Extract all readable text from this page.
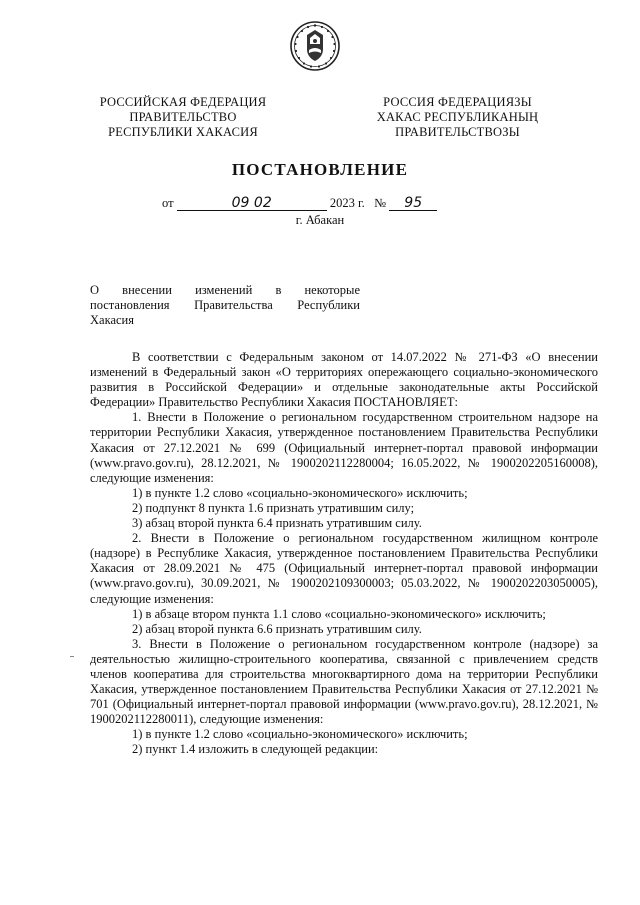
РОССИЙСКАЯ ФЕДЕРАЦИЯ
ПРАВИТЕЛЬСТВО
РЕСПУБЛИКИ ХАКАСИЯ
РОССИЯ ФЕДЕРАЦИЯЗЫ
ХАКАС РЕСПУБЛИКАНЫҢ
ПРАВИТЕЛЬСТВОЗЫ
ПОСТАНОВЛЕНИЕ
от	09 02	2023 г. № 95
г. Абакан
О внесении изменений в некоторые постановления Правительства Республики Хакасия

В соответствии с Федеральным законом от 14.07.2022 № 271-ФЗ «О внесении изменений в Федеральный закон «О территориях опережающего социально-экономического развития в Российской Федерации» и отдельные законодательные акты Российской Федерации» Правительство Республики Хакасия ПОСТАНОВЛЯЕТ:

1. Внести в Положение о региональном государственном строительном надзоре на территории Республики Хакасия, утвержденное постановлением Правительства Республики Хакасия от 27.12.2021 № 699 (Официальный интернет-портал правовой информации (www.pravo.gov.ru), 28.12.2021, № 1900202112280004; 16.05.2022, № 1900202205160008), следующие изменения:

1) в пункте 1.2 слово «социально-экономического» исключить;

2) подпункт 8 пункта 1.6 признать утратившим силу;

3) абзац второй пункта 6.4 признать утратившим силу.

2. Внести в Положение о региональном государственном жилищном контроле (надзоре) в Республике Хакасия, утвержденное постановлением Правительства Республики Хакасия от 28.09.2021 № 475 (Официальный интернет-портал правовой информации (www.pravo.gov.ru), 30.09.2021, № 1900202109300003; 05.03.2022, № 1900202203050005), следующие изменения:

1) в абзаце втором пункта 1.1 слово «социально-экономического» исключить;

2) абзац второй пункта 6.6 признать утратившим силу.

3. Внести в Положение о региональном государственном контроле (надзоре) за деятельностью жилищно-строительного кооператива, связанной с привлечением средств членов кооператива для строительства многоквартирного дома на территории Республики Хакасия, утвержденное постановлением Правительства Республики Хакасия от 27.12.2021 № 701 (Официальный интернет-портал правовой информации (www.pravo.gov.ru), 28.12.2021, № 1900202112280011), следующие изменения:

1) в пункте 1.2 слово «социально-экономического» исключить;

2) пункт 1.4 изложить в следующей редакции:
